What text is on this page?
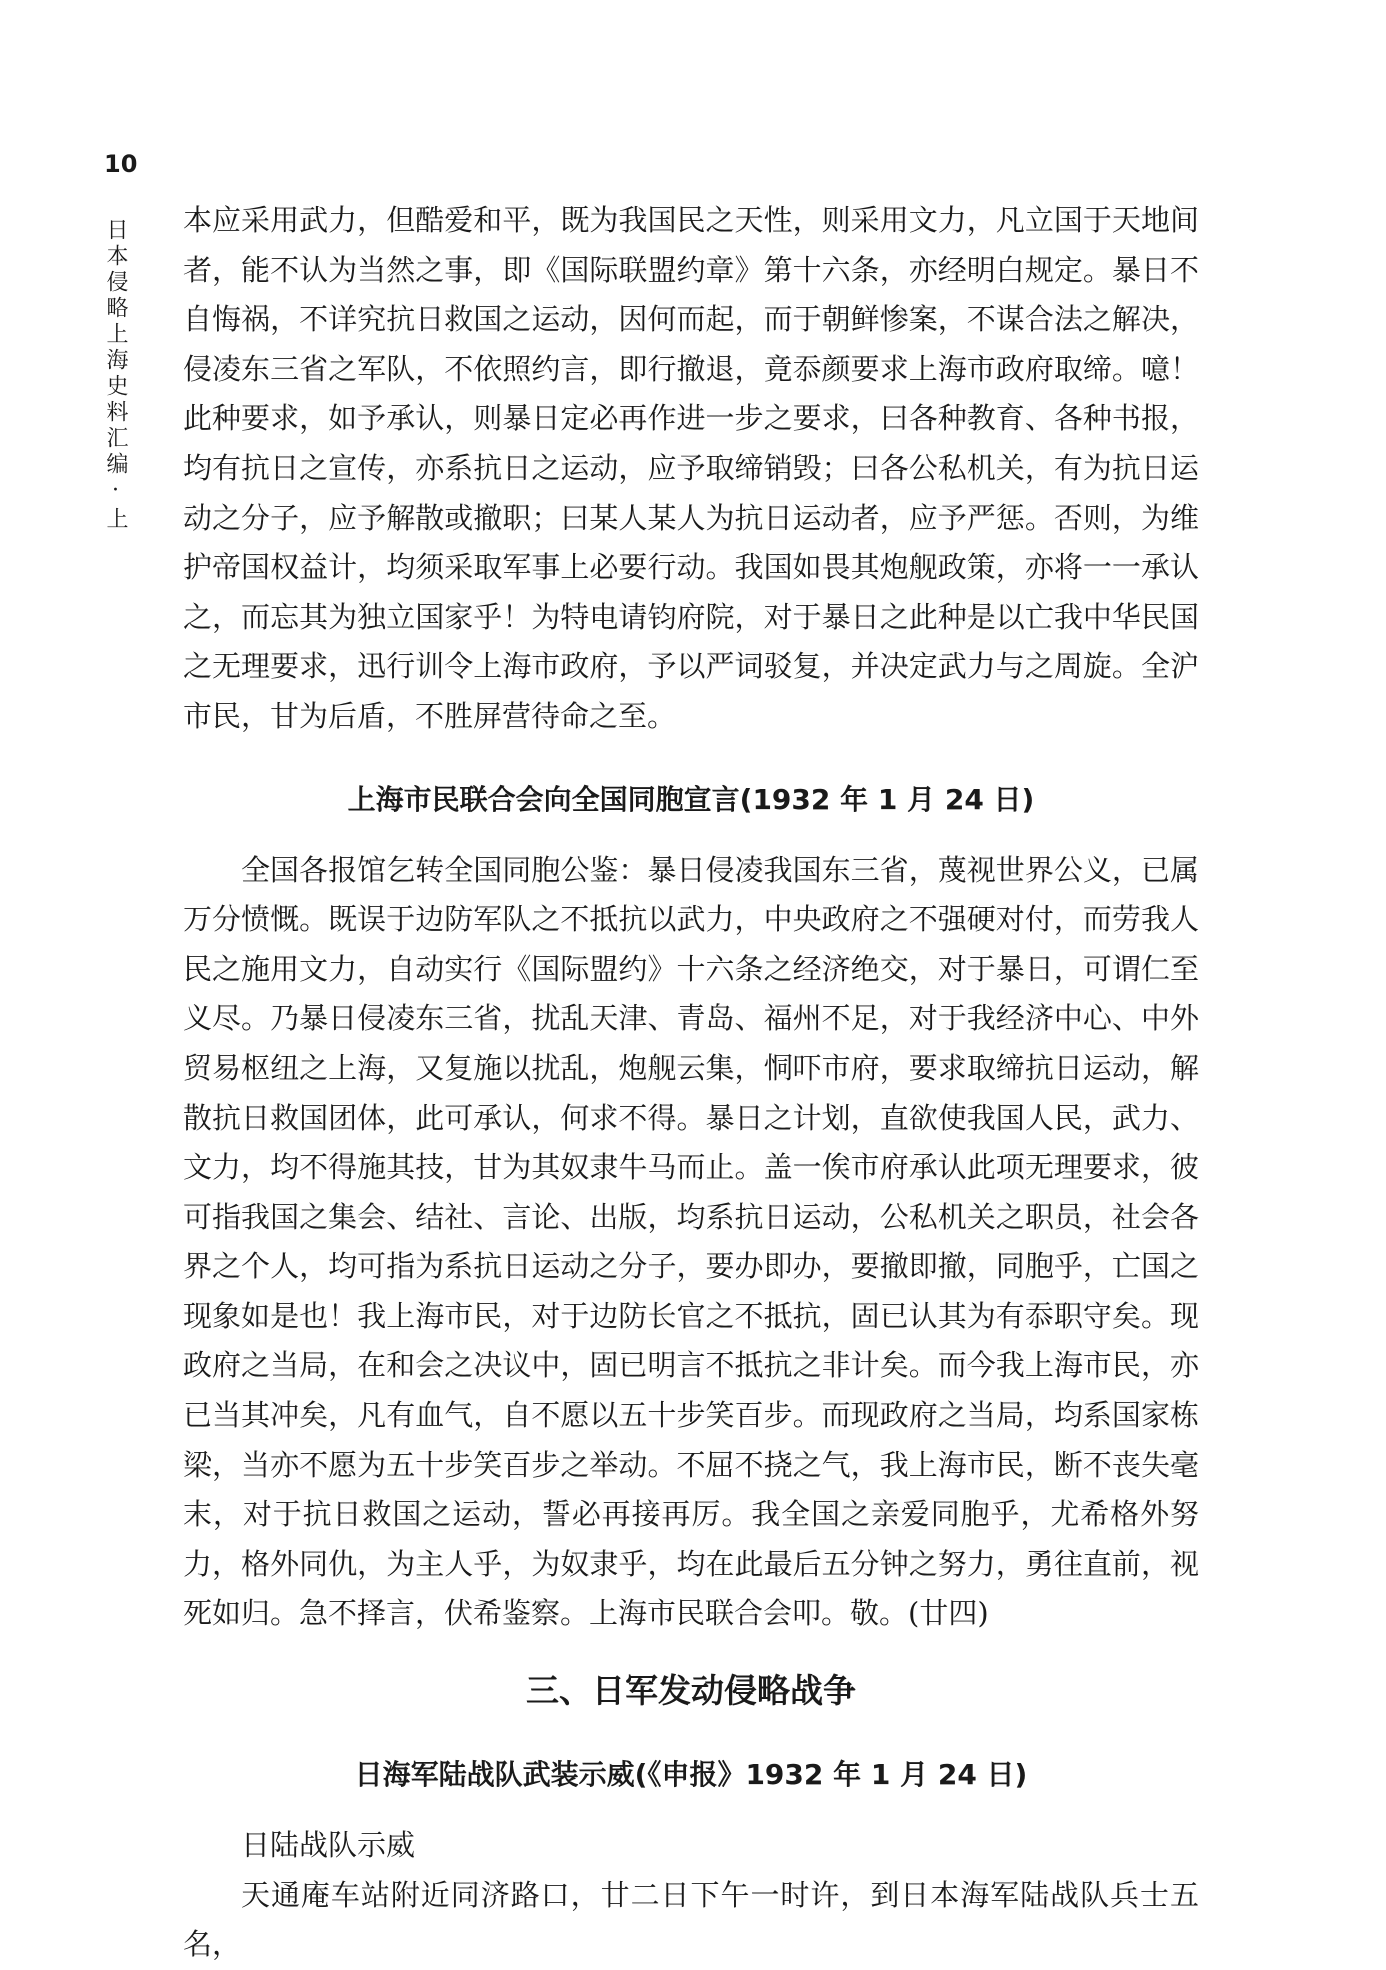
10
日本侵略上海史料汇编·上 本应采用武力，但酷爱和平，既为我国民之天性，则采用文力，凡立国于天地间者，能不认为当然之事，即《国际联盟约章》第十六条，亦经明白规定。暴日不自悔祸，不详究抗日救国之运动，因何而起，而于朝鲜惨案，不谋合法之解决，侵凌东三省之军队，不依照约言，即行撤退，竟忝颜要求上海市政府取缔。噫！此种要求，如予承认，则暴日定必再作进一步之要求，曰各种教育、各种书报，均有抗日之宣传，亦系抗日之运动，应予取缔销毁；曰各公私机关，有为抗日运动之分子，应予解散或撤职；曰某人某人为抗日运动者，应予严惩。否则，为维护帝国权益计，均须采取军事上必要行动。我国如畏其炮舰政策，亦将一一承认之，而忘其为独立国家乎！为特电请钧府院，对于暴日之此种是以亡我中华民国之无理要求，迅行训令上海市政府，予以严词驳复，并决定武力与之周旋。全沪市民，甘为后盾，不胜屏营待命之至。

上海市民联合会向全国同胞宣言(1932 年 1 月 24 日)

全国各报馆乞转全国同胞公鉴：暴日侵凌我国东三省，蔑视世界公义，已属万分愤慨。既误于边防军队之不抵抗以武力，中央政府之不强硬对付，而劳我人民之施用文力，自动实行《国际盟约》十六条之经济绝交，对于暴日，可谓仁至义尽。乃暴日侵凌东三省，扰乱天津、青岛、福州不足，对于我经济中心、中外贸易枢纽之上海，又复施以扰乱，炮舰云集，恫吓市府，要求取缔抗日运动，解散抗日救国团体，此可承认，何求不得。暴日之计划，直欲使我国人民，武力、文力，均不得施其技，甘为其奴隶牛马而止。盖一俟市府承认此项无理要求，彼可指我国之集会、结社、言论、出版，均系抗日运动，公私机关之职员，社会各界之个人，均可指为系抗日运动之分子，要办即办，要撤即撤，同胞乎，亡国之现象如是也！我上海市民，对于边防长官之不抵抗，固已认其为有忝职守矣。现政府之当局，在和会之决议中，固已明言不抵抗之非计矣。而今我上海市民，亦已当其冲矣，凡有血气，自不愿以五十步笑百步。而现政府之当局，均系国家栋梁，当亦不愿为五十步笑百步之举动。不屈不挠之气，我上海市民，断不丧失毫末，对于抗日救国之运动，誓必再接再厉。我全国之亲爱同胞乎，尤希格外努力，格外同仇，为主人乎，为奴隶乎，均在此最后五分钟之努力，勇往直前，视死如归。急不择言，伏希鉴察。上海市民联合会叩。敬。(廿四)

三、日军发动侵略战争
日海军陆战队武装示威(《申报》1932 年 1 月 24 日)

日陆战队示威

天通庵车站附近同济路口，廿二日下午一时许，到日本海军陆战队兵士五名，
